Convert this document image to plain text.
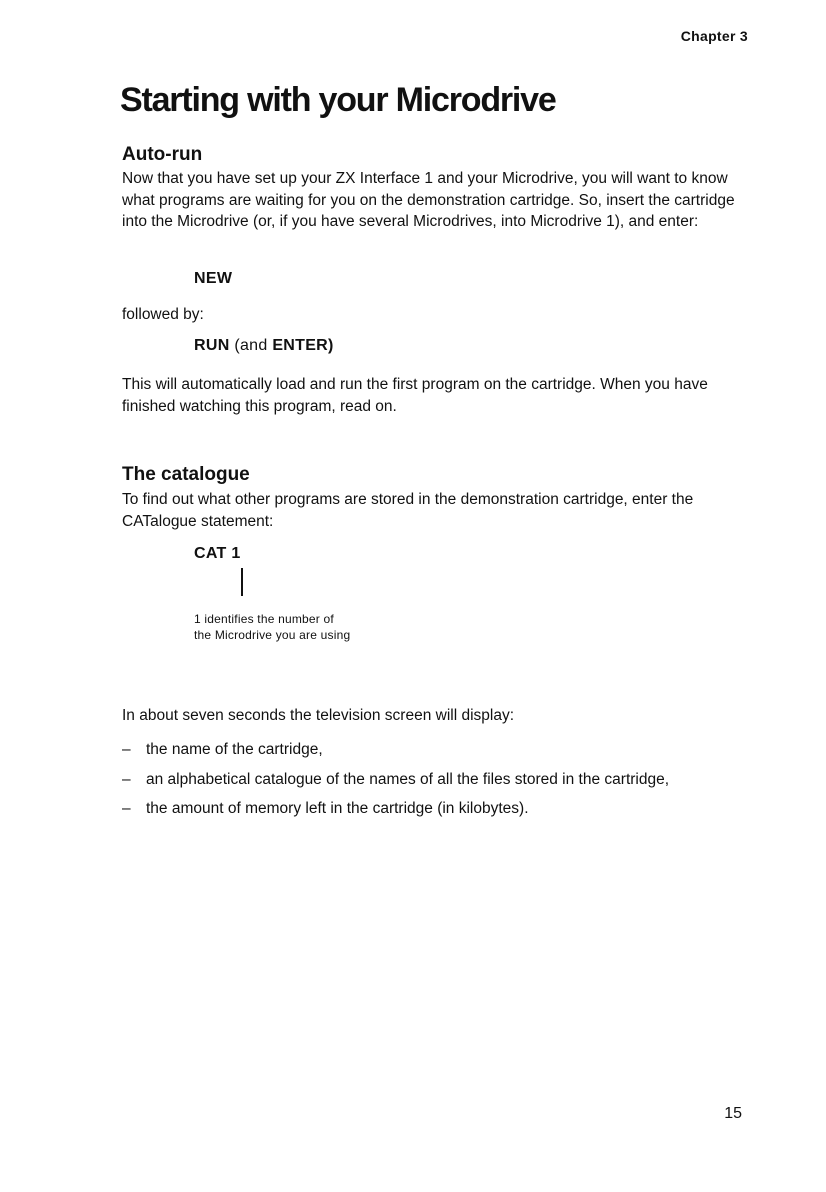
Chapter 3
Starting with your Microdrive
Auto-run

Now that you have set up your ZX Interface 1 and your Microdrive, you will want to know what programs are waiting for you on the demonstration cartridge. So, insert the cartridge into the Microdrive (or, if you have several Microdrives, into Microdrive 1), and enter:

NEW

followed by:

RUN (and ENTER)

This will automatically load and run the first program on the cartridge. When you have finished watching this program, read on.

The catalogue

To find out what other programs are stored in the demonstration cartridge, enter the CATalogue statement:

CAT 1
1 identifies the number of
the Microdrive you are using

In about seven seconds the television screen will display:

– the name of the cartridge,
– an alphabetical catalogue of the names of all the files stored in the cartridge,
– the amount of memory left in the cartridge (in kilobytes).
15
